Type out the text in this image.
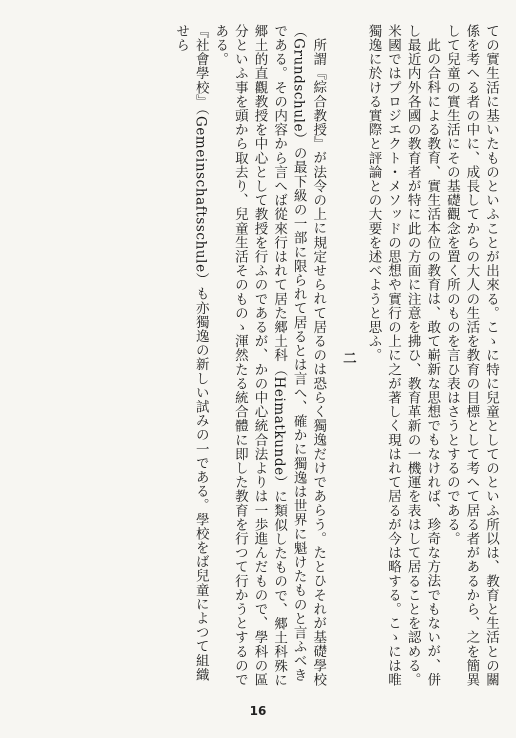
ての實生活に基いたものといふことが出來る。こゝに特に兒童としてのといふ所以は、教育と生活との關係を考へる者の中に、成長してからの大人の生活を教育の目標として考へて居る者があるから、之を簡異して兒童の實生活にその基礎觀念を置く所のものを言ひ表はさうとするのである。

此の合科による教育、實生活本位の教育は、敢て嶄新な思想でもなければ、珍奇な方法でもないが、併し最近内外各國の教育者が特に此の方面に注意を拂ひ、教育革新の一機運を表はして居ることを認める。米國ではプロジエクト・メソッドの思想や實行の上に之が著しく現はれて居るが今は略する。こゝには唯獨逸に於ける實際と評論との大要を述べようと思ふ。

二

所謂『綜合教授』が法令の上に規定せられて居るのは恐らく獨逸だけであらう。たとひそれが基礎學校（Grundschule）の最下級の一部に限られて居るとは言へ、確かに獨逸は世界に魁けたものと言ふべきである。その内容から言へば從來行はれて居た郷土科（Heimatkunde）に類似したもので、郷土科殊に郷土的直觀教授を中心として教授を行ふのであるが、かの中心統合法よりは一歩進んだもので、學科の區分といふ事を頭から取去り、兒童生活そのものゝ渾然たる統合體に即した教育を行つて行かうとするのである。

『社會學校』（Gemeinschaftsschule）も亦獨逸の新しい試みの一である。學校をば兒童によつて組織せら

16
